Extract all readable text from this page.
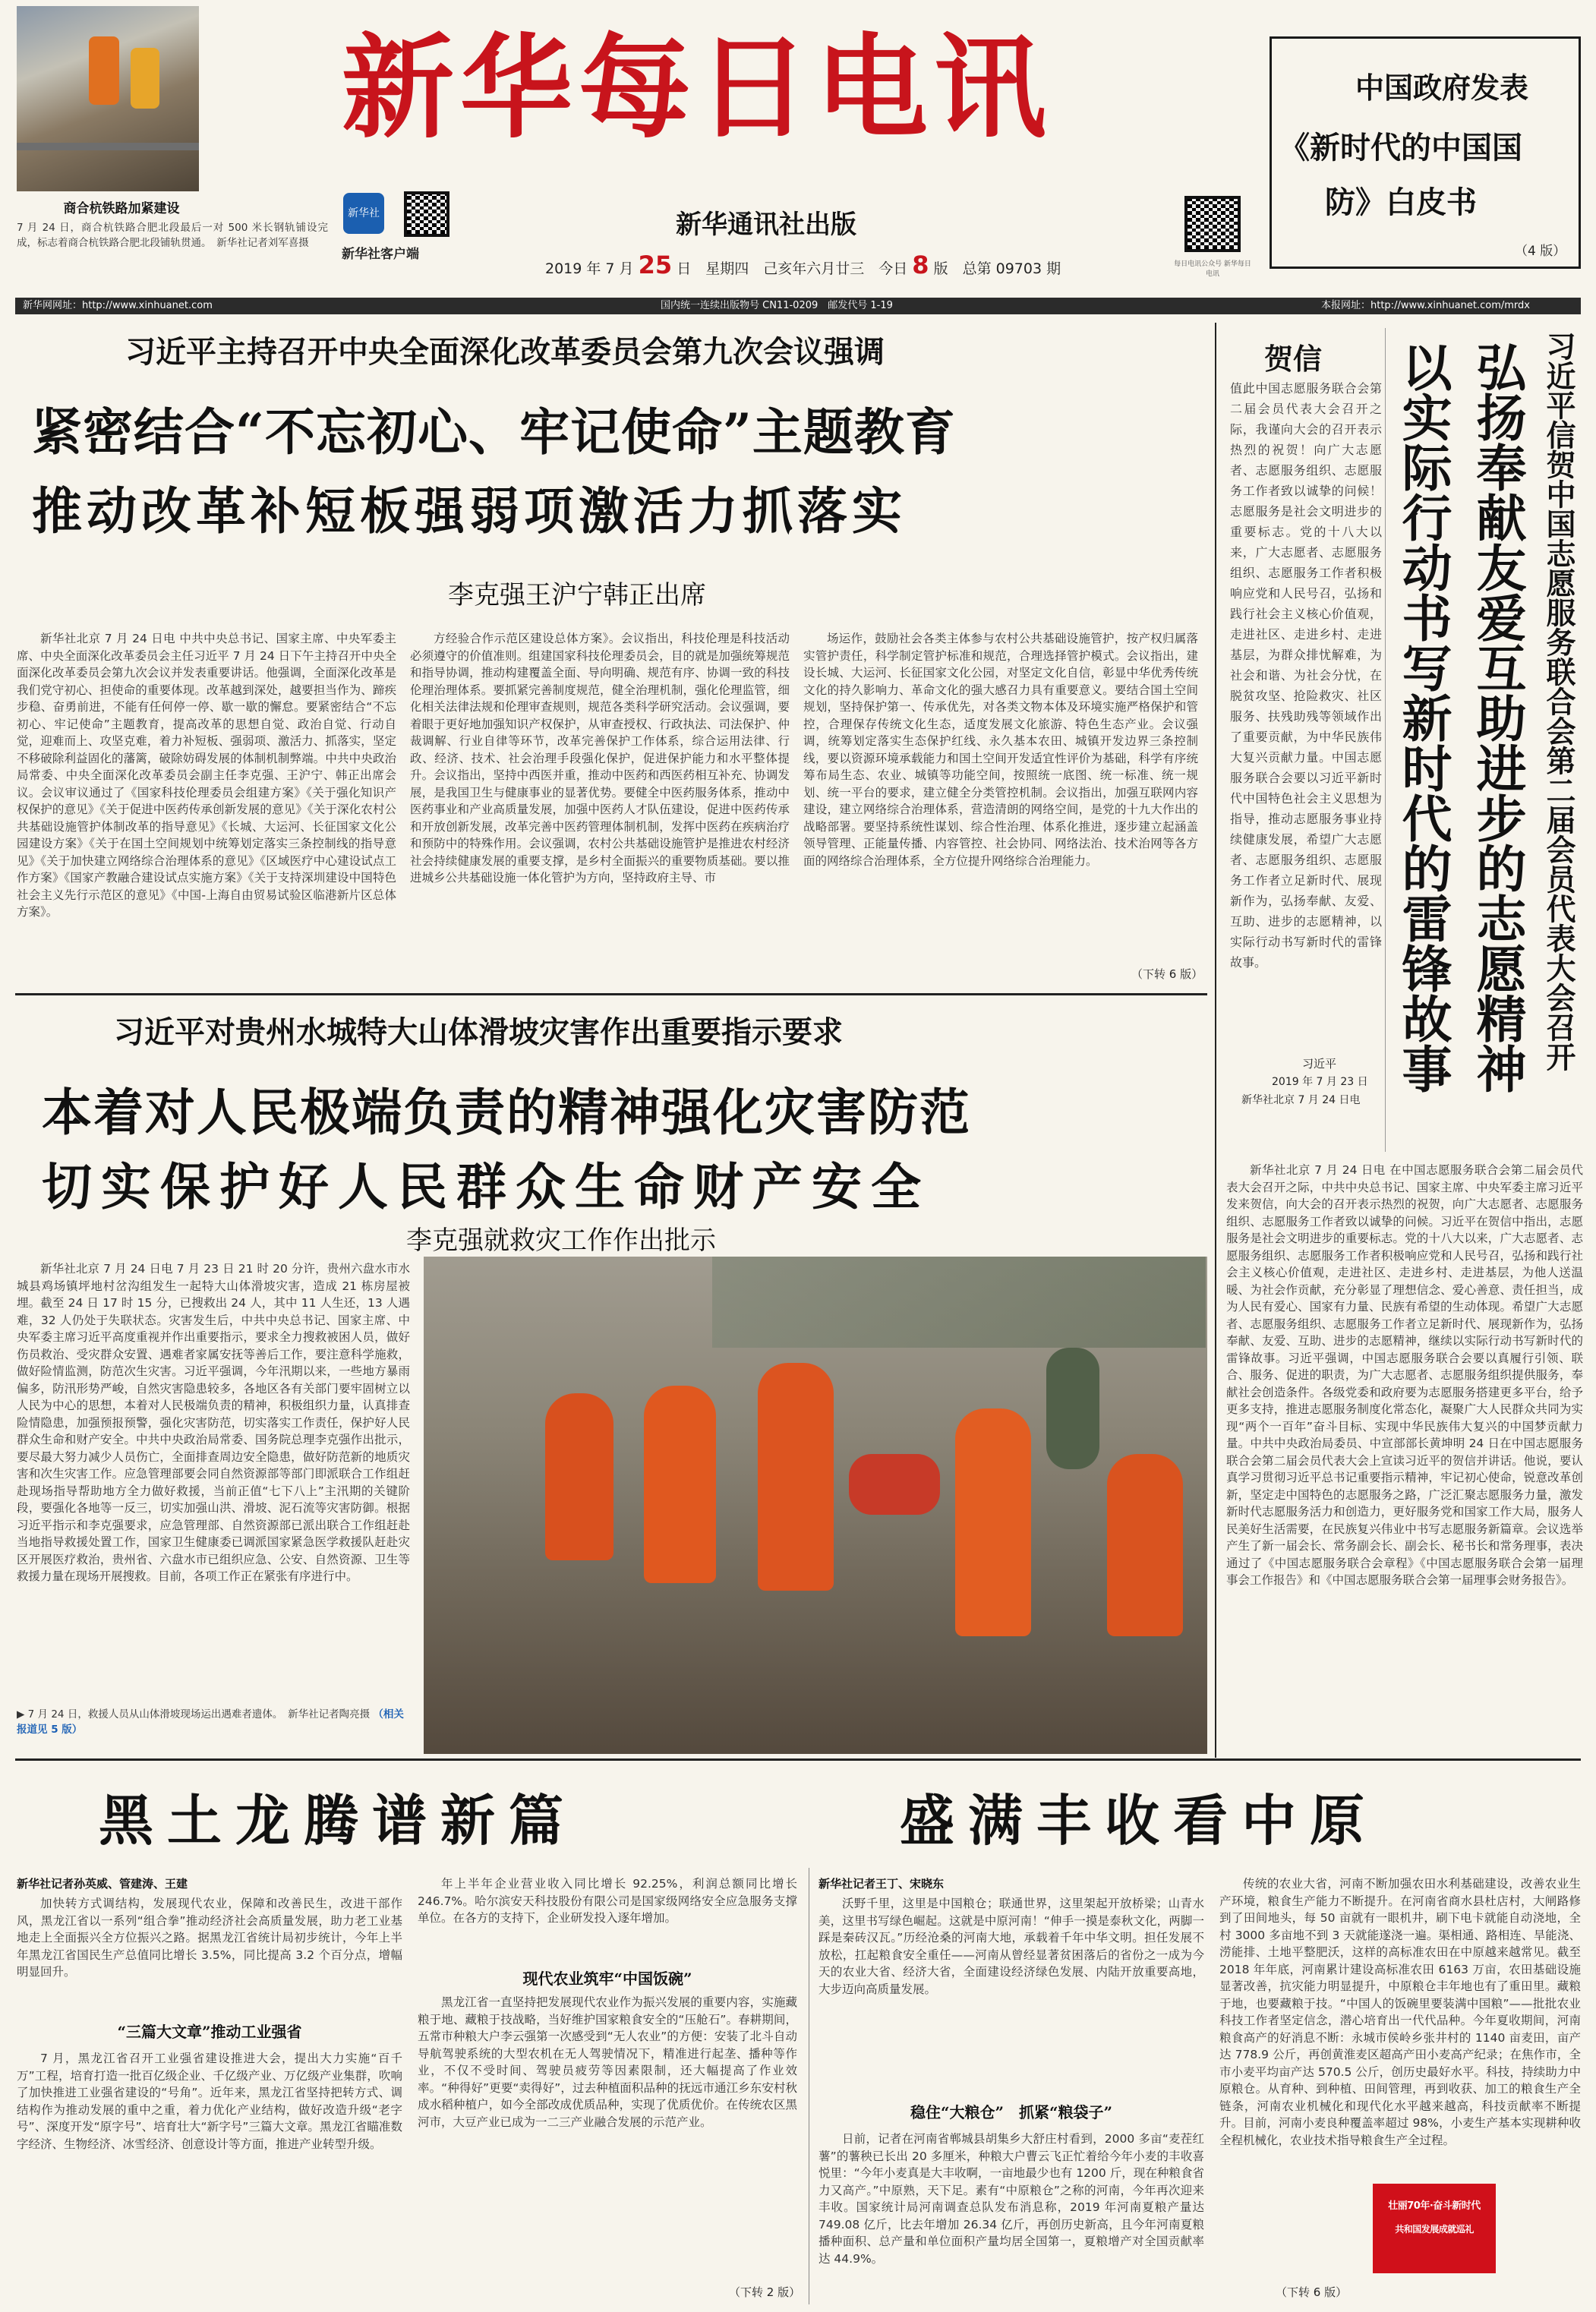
商合杭铁路加紧建设
7 月 24 日，商合杭铁路合肥北段最后一对 500 米长钢轨铺设完成，标志着商合杭铁路合肥北段铺轨贯通。　新华社记者刘军喜摄
新华每日电讯
新华社
新华社客户端
新华通讯社出版
2019 年 7 月 25 日　星期四　己亥年六月廿三　今日 8 版　总第 09703 期	每日电讯公众号 新华每日电讯
中国政府发表
《新时代的中国国
防》白皮书
（4 版）
新华网网址：http://www.xinhuanet.com	国内统一连续出版物号 CN11-0209　邮发代号 1-19	本报网址：http://www.xinhuanet.com/mrdx
习近平主持召开中央全面深化改革委员会第九次会议强调
紧密结合“不忘初心、牢记使命”主题教育
推动改革补短板强弱项激活力抓落实
李克强王沪宁韩正出席

新华社北京 7 月 24 日电 中共中央总书记、国家主席、中央军委主席、中央全面深化改革委员会主任习近平 7 月 24 日下午主持召开中央全面深化改革委员会第九次会议并发表重要讲话。他强调，全面深化改革是我们党守初心、担使命的重要体现。改革越到深处，越要担当作为、蹄疾步稳、奋勇前进，不能有任何停一停、歇一歇的懈怠。要紧密结合“不忘初心、牢记使命”主题教育，提高改革的思想自觉、政治自觉、行动自觉，迎难而上、攻坚克难，着力补短板、强弱项、激活力、抓落实，坚定不移破除利益固化的藩篱，破除妨碍发展的体制机制弊端。中共中央政治局常委、中央全面深化改革委员会副主任李克强、王沪宁、韩正出席会议。会议审议通过了《国家科技伦理委员会组建方案》《关于强化知识产权保护的意见》《关于促进中医药传承创新发展的意见》《关于深化农村公共基础设施管护体制改革的指导意见》《长城、大运河、长征国家文化公园建设方案》《关于在国土空间规划中统筹划定落实三条控制线的指导意见》《关于加快建立网络综合治理体系的意见》《区域医疗中心建设试点工作方案》《国家产教融合建设试点实施方案》《关于支持深圳建设中国特色社会主义先行示范区的意见》《中国-上海自由贸易试验区临港新片区总体方案》。

方经验合作示范区建设总体方案》。会议指出，科技伦理是科技活动必须遵守的价值准则。组建国家科技伦理委员会，目的就是加强统筹规范和指导协调，推动构建覆盖全面、导向明确、规范有序、协调一致的科技伦理治理体系。要抓紧完善制度规范，健全治理机制，强化伦理监管，细化相关法律法规和伦理审查规则，规范各类科学研究活动。会议强调，要着眼于更好地加强知识产权保护，从审查授权、行政执法、司法保护、仲裁调解、行业自律等环节，改革完善保护工作体系，综合运用法律、行政、经济、技术、社会治理手段强化保护，促进保护能力和水平整体提升。会议指出，坚持中西医并重，推动中医药和西医药相互补充、协调发展，是我国卫生与健康事业的显著优势。要健全中医药服务体系，推动中医药事业和产业高质量发展，加强中医药人才队伍建设，促进中医药传承和开放创新发展，改革完善中医药管理体制机制，发挥中医药在疾病治疗和预防中的特殊作用。会议强调，农村公共基础设施管护是推进农村经济社会持续健康发展的重要支撑，是乡村全面振兴的重要物质基础。要以推进城乡公共基础设施一体化管护为方向，坚持政府主导、市

场运作，鼓励社会各类主体参与农村公共基础设施管护，按产权归属落实管护责任，科学制定管护标准和规范，合理选择管护模式。会议指出，建设长城、大运河、长征国家文化公园，对坚定文化自信，彰显中华优秀传统文化的持久影响力、革命文化的强大感召力具有重要意义。要结合国土空间规划，坚持保护第一、传承优先，对各类文物本体及环境实施严格保护和管控，合理保存传统文化生态，适度发展文化旅游、特色生态产业。会议强调，统筹划定落实生态保护红线、永久基本农田、城镇开发边界三条控制线，要以资源环境承载能力和国土空间开发适宜性评价为基础，科学有序统筹布局生态、农业、城镇等功能空间，按照统一底图、统一标准、统一规划、统一平台的要求，建立健全分类管控机制。会议指出，加强互联网内容建设，建立网络综合治理体系，营造清朗的网络空间，是党的十九大作出的战略部署。要坚持系统性谋划、综合性治理、体系化推进，逐步建立起涵盖领导管理、正能量传播、内容管控、社会协同、网络法治、技术治网等各方面的网络综合治理体系，全方位提升网络综合治理能力。

（下转 6 版）	习近平信贺中国志愿服务联合会第二届会员代表大会召开
弘扬奉献友爱互助进步的志愿精神
以实际行动书写新时代的雷锋故事
贺信
值此中国志愿服务联合会第二届会员代表大会召开之际，我谨向大会的召开表示热烈的祝贺！向广大志愿者、志愿服务组织、志愿服务工作者致以诚挚的问候！志愿服务是社会文明进步的重要标志。党的十八大以来，广大志愿者、志愿服务组织、志愿服务工作者积极响应党和人民号召，弘扬和践行社会主义核心价值观，走进社区、走进乡村、走进基层，为群众排忧解难，为社会和谐、为社会分忧，在脱贫攻坚、抢险救灾、社区服务、扶残助残等领域作出了重要贡献，为中华民族伟大复兴贡献力量。中国志愿服务联合会要以习近平新时代中国特色社会主义思想为指导，推动志愿服务事业持续健康发展，希望广大志愿者、志愿服务组织、志愿服务工作者立足新时代、展现新作为，弘扬奉献、友爱、互助、进步的志愿精神，以实际行动书写新时代的雷锋故事。
习近平
2019 年 7 月 23 日
新华社北京 7 月 24 日电

新华社北京 7 月 24 日电 在中国志愿服务联合会第二届会员代表大会召开之际，中共中央总书记、国家主席、中央军委主席习近平发来贺信，向大会的召开表示热烈的祝贺，向广大志愿者、志愿服务组织、志愿服务工作者致以诚挚的问候。习近平在贺信中指出，志愿服务是社会文明进步的重要标志。党的十八大以来，广大志愿者、志愿服务组织、志愿服务工作者积极响应党和人民号召，弘扬和践行社会主义核心价值观，走进社区、走进乡村、走进基层，为他人送温暖、为社会作贡献，充分彰显了理想信念、爱心善意、责任担当，成为人民有爱心、国家有力量、民族有希望的生动体现。希望广大志愿者、志愿服务组织、志愿服务工作者立足新时代、展现新作为，弘扬奉献、友爱、互助、进步的志愿精神，继续以实际行动书写新时代的雷锋故事。习近平强调，中国志愿服务联合会要以真履行引领、联合、服务、促进的职责，为广大志愿者、志愿服务组织提供服务，奉献社会创造条件。各级党委和政府要为志愿服务搭建更多平台，给予更多支持，推进志愿服务制度化常态化，凝聚广大人民群众共同为实现“两个一百年”奋斗目标、实现中华民族伟大复兴的中国梦贡献力量。中共中央政治局委员、中宣部部长黄坤明 24 日在中国志愿服务联合会第二届会员代表大会上宣读习近平的贺信并讲话。他说，要认真学习贯彻习近平总书记重要指示精神，牢记初心使命，锐意改革创新，坚定走中国特色的志愿服务之路，广泛汇聚志愿服务力量，激发新时代志愿服务活力和创造力，更好服务党和国家工作大局，服务人民美好生活需要，在民族复兴伟业中书写志愿服务新篇章。会议选举产生了新一届会长、常务副会长、副会长、秘书长和常务理事，表决通过了《中国志愿服务联合会章程》《中国志愿服务联合会第一届理事会工作报告》和《中国志愿服务联合会第一届理事会财务报告》。

习近平对贵州水城特大山体滑坡灾害作出重要指示要求
本着对人民极端负责的精神强化灾害防范
切实保护好人民群众生命财产安全
李克强就救灾工作作出批示

新华社北京 7 月 24 日电 7 月 23 日 21 时 20 分许，贵州六盘水市水城县鸡场镇坪地村岔沟组发生一起特大山体滑坡灾害，造成 21 栋房屋被埋。截至 24 日 17 时 15 分，已搜救出 24 人，其中 11 人生还，13 人遇难，32 人仍处于失联状态。灾害发生后，中共中央总书记、国家主席、中央军委主席习近平高度重视并作出重要指示，要求全力搜救被困人员，做好伤员救治、受灾群众安置、遇难者家属安抚等善后工作，要注意科学施救，做好险情监测，防范次生灾害。习近平强调，今年汛期以来，一些地方暴雨偏多，防汛形势严峻，自然灾害隐患较多，各地区各有关部门要牢固树立以人民为中心的思想，本着对人民极端负责的精神，积极组织力量，认真排查险情隐患，加强预报预警，强化灾害防范，切实落实工作责任，保护好人民群众生命和财产安全。中共中央政治局常委、国务院总理李克强作出批示，要尽最大努力减少人员伤亡，全面排查周边安全隐患，做好防范新的地质灾害和次生灾害工作。应急管理部要会同自然资源部等部门即派联合工作组赶赴现场指导帮助地方全力做好救援，当前正值“七下八上”主汛期的关键阶段，要强化各地等一反三，切实加强山洪、滑坡、泥石流等灾害防御。根据习近平指示和李克强要求，应急管理部、自然资源部已派出联合工作组赶赴当地指导救援处置工作，国家卫生健康委已调派国家紧急医学救援队赶赴灾区开展医疗救治，贵州省、六盘水市已组织应急、公安、自然资源、卫生等救援力量在现场开展搜救。目前，各项工作正在紧张有序进行中。

▶ 7 月 24 日，救援人员从山体滑坡现场运出遇难者遗体。　新华社记者陶亮摄 （相关报道见 5 版）
黑土龙腾谱新篇	盛满丰收看中原
新华社记者孙英威、管建涛、王建

加快转方式调结构，发展现代农业，保障和改善民生，改进干部作风，黑龙江省以一系列“组合拳”推动经济社会高质量发展，助力老工业基地走上全面振兴全方位振兴之路。据黑龙江省统计局初步统计，今年上半年黑龙江省国民生产总值同比增长 3.5%，同比提高 3.2 个百分点，增幅明显回升。

“三篇大文章”推动工业强省

7 月，黑龙江省召开工业强省建设推进大会，提出大力实施“百千万”工程，培育打造一批百亿级企业、千亿级产业、万亿级产业集群，吹响了加快推进工业强省建设的“号角”。近年来，黑龙江省坚持把转方式、调结构作为推动发展的重中之重，着力优化产业结构，做好改造升级“老字号”、深度开发“原字号”、培育壮大“新字号”三篇大文章。黑龙江省瞄准数字经济、生物经济、冰雪经济、创意设计等方面，推进产业转型升级。

年上半年企业营业收入同比增长 92.25%，利润总额同比增长 246.7%。哈尔滨安天科技股份有限公司是国家级网络安全应急服务支撑单位。在各方的支持下，企业研发投入逐年增加。

现代农业筑牢“中国饭碗”

黑龙江省一直坚持把发展现代农业作为振兴发展的重要内容，实施藏粮于地、藏粮于技战略，当好维护国家粮食安全的“压舱石”。春耕期间，五常市种粮大户李云强第一次感受到“无人农业”的方便：安装了北斗自动导航驾驶系统的大型农机在无人驾驶情况下，精准进行起垄、播种等作业，不仅不受时间、驾驶员疲劳等因素限制，还大幅提高了作业效率。“种得好”更要“卖得好”，过去种植面积品种的抚远市通江乡东安村秋成水稻种植户，如今全部改成优质品种，实现了优质优价。在传统农区黑河市，大豆产业已成为一二三产业融合发展的示范产业。

（下转 2 版）
新华社记者王丁、宋晓东

沃野千里，这里是中国粮仓；联通世界，这里架起开放桥梁；山青水美，这里书写绿色崛起。这就是中原河南！“伸手一摸是泰秋文化，两脚一踩是秦砖汉瓦。”历经沧桑的河南大地，承载着千年中华文明。担任发展不放松，扛起粮食安全重任——河南从曾经显著贫困落后的省份之一成为今天的农业大省、经济大省，全面建设经济绿色发展、内陆开放重要高地，大步迈向高质量发展。

稳住“大粮仓”　抓紧“粮袋子”

日前，记者在河南省郸城县胡集乡大舒庄村看到，2000 多亩“麦茬红薯”的薯秧已长出 20 多厘米，种粮大户曹云飞正忙着给今年小麦的丰收喜悦里：“今年小麦真是大丰收啊，一亩地最少也有 1200 斤，现在种粮食省力又高产。”中原熟，天下足。素有“中原粮仓”之称的河南，今年再次迎来丰收。国家统计局河南调查总队发布消息称，2019 年河南夏粮产量达 749.08 亿斤，比去年增加 26.34 亿斤，再创历史新高，且今年河南夏粮播种面积、总产量和单位面积产量均居全国第一，夏粮增产对全国贡献率达 44.9%。

传统的农业大省，河南不断加强农田水利基础建设，改善农业生产环境，粮食生产能力不断提升。在河南省商水县杜店村，大闸路修到了田间地头，每 50 亩就有一眼机井，刷下电卡就能自动浇地，全村 3000 多亩地不到 3 天就能遂浇一遍。渠相通、路相连、旱能浇、涝能排、土地平整肥沃，这样的高标准农田在中原越来越常见。截至 2018 年年底，河南累计建设高标准农田 6163 万亩，农田基础设施显著改善，抗灾能力明显提升，中原粮仓丰年地也有了重田里。藏粮于地，也要藏粮于技。“中国人的饭碗里要装满中国粮”——批批农业科技工作者坚定信念，潜心培育出一代代品种。今年夏收期间，河南粮食高产的好消息不断：永城市侯岭乡张井村的 1140 亩麦田，亩产达 778.9 公斤，再创黄淮麦区超高产田小麦高产纪录；在焦作市，全市小麦平均亩产达 570.5 公斤，创历史最好水平。科技，持续助力中原粮仓。从育种、到种植、田间管理，再到收获、加工的粮食生产全链条，河南农业机械化和现代化水平越来越高，科技贡献率不断提升。目前，河南小麦良种覆盖率超过 98%，小麦生产基本实现耕种收全程机械化，农业技术指导粮食生产全过程。

壮丽70年·奋斗新时代
共和国发展成就巡礼
（下转 6 版）
